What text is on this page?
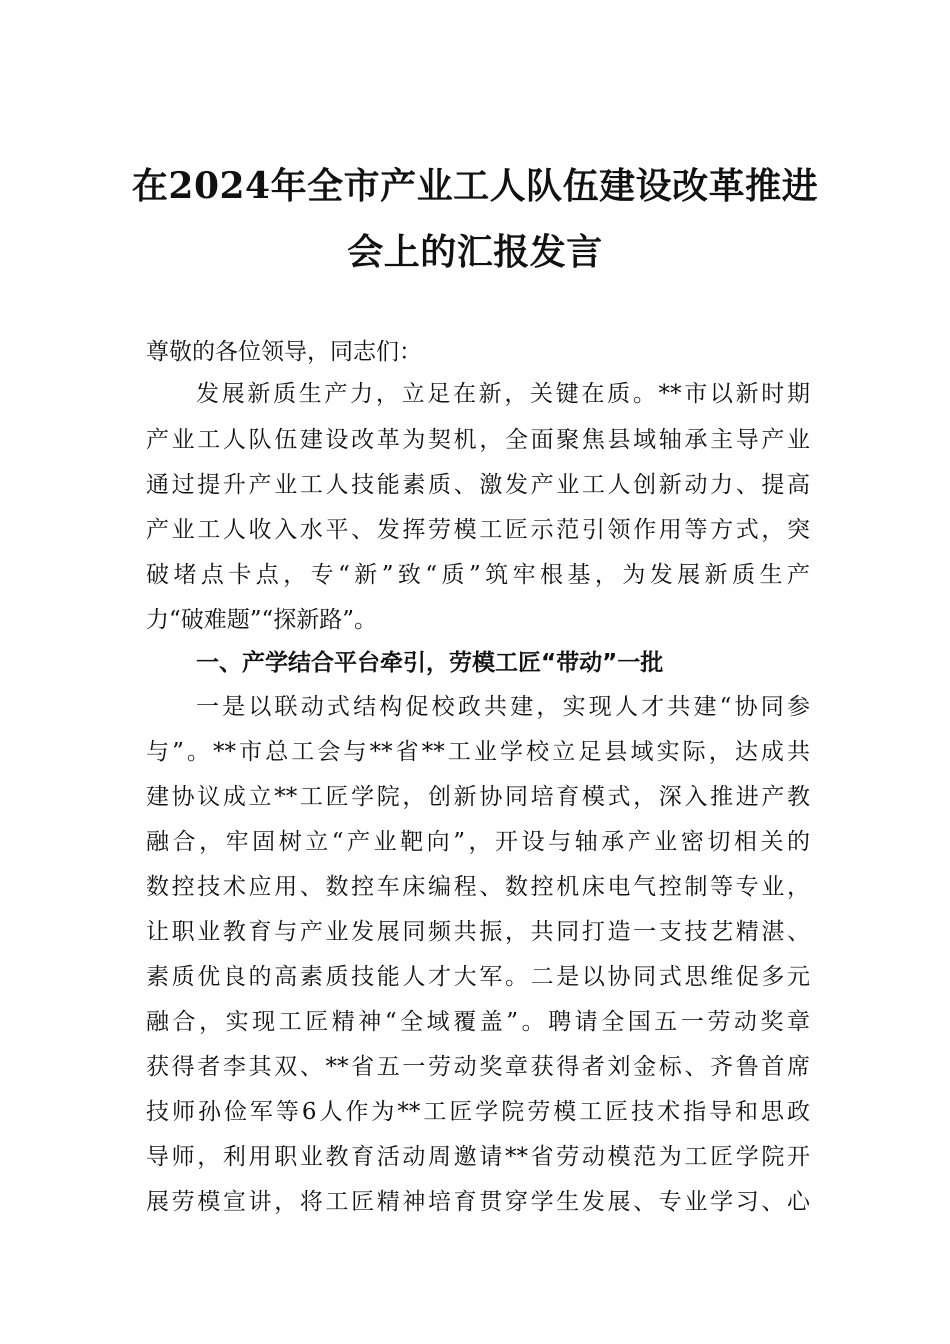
在2024年全市产业工人队伍建设改革推进
会上的汇报发言
尊敬的各位领导，同志们：
发展新质生产力，立足在新，关键在质。**市以新时期
产业工人队伍建设改革为契机，全面聚焦县域轴承主导产业
通过提升产业工人技能素质、激发产业工人创新动力、提高
产业工人收入水平、发挥劳模工匠示范引领作用等方式，突
破堵点卡点，专“新”致“质”筑牢根基，为发展新质生产
力“破难题”“探新路”。
一、产学结合平台牵引，劳模工匠“带动”一批
一是以联动式结构促校政共建，实现人才共建“协同参
与”。**市总工会与**省**工业学校立足县域实际，达成共
建协议成立**工匠学院，创新协同培育模式，深入推进产教
融合，牢固树立“产业靶向”，开设与轴承产业密切相关的
数控技术应用、数控车床编程、数控机床电气控制等专业，
让职业教育与产业发展同频共振，共同打造一支技艺精湛、
素质优良的高素质技能人才大军。二是以协同式思维促多元
融合，实现工匠精神“全域覆盖”。聘请全国五一劳动奖章
获得者李其双、**省五一劳动奖章获得者刘金标、齐鲁首席
技师孙俭军等6人作为**工匠学院劳模工匠技术指导和思政
导师，利用职业教育活动周邀请**省劳动模范为工匠学院开
展劳模宣讲，将工匠精神培育贯穿学生发展、专业学习、心
